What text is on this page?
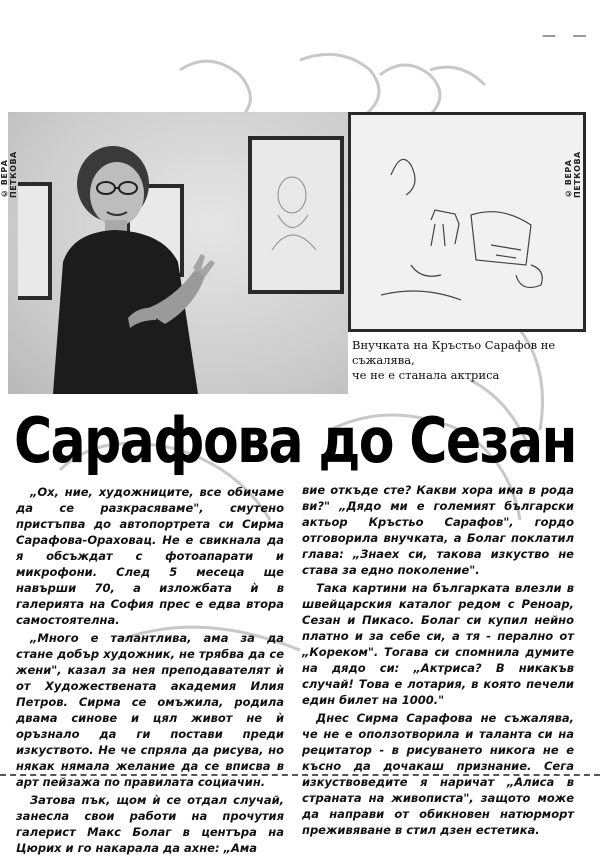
— —
© ВЕРА ПЕТКОВА	© ВЕРА ПЕТКОВА
Внучката на Кръстьо Сарафов не съжалява,
че не е станала актриса
Сарафова до Сезан

„Ох, ние, художниците, все обичаме да се разкрасяваме", смутено пристъпва до автопортрета си Сирма Сарафова-Ораховац. Не е свикнала да я обсъждат с фотоапарати и микрофони. След 5 месеца ще навърши 70, а изложбата ѝ в галерията на София прес е едва втора самостоятелна.

„Много е талантлива, ама за да стане добър художник, не трябва да се жени", казал за нея преподавателят ѝ от Художествената академия Илия Петров. Сирма се омъжила, родила двама синове и цял живот не ѝ оръзнало да ги постави преди изкуството. Не че спряла да рисува, но някак нямала желание да се вписва в арт пейзажа по правилата социачин.

Затова пък, щом ѝ се отдал случай, занесла свои работи на прочутия галерист Макс Болаг в центъра на Цюрих и го накарала да ахне: „Ама

вие откъде сте? Какви хора има в рода ви?" „Дядо ми е големият български актьор Кръстьо Сарафов", гордо отговорила внучката, а Болаг поклатил глава: „Знаех си, такова изкуство не става за едно поколение".

Така картини на българката влезли в швейцарския каталог редом с Реноар, Сезан и Пикасо. Болаг си купил нейно платно и за себе си, а тя - перално от „Кореком". Тогава си спомнила думите на дядо си: „Актриса? В никакъв случай! Това е лотария, в която печели един билет на 1000."

Днес Сирма Сарафова не съжалява, че не е оползотворила и таланта си на рецитатор - в рисуването никога не е късно да дочакаш признание. Сега изкуствоведите я наричат „Алиса в страната на живописта", защото може да направи от обикновен натюрморт преживяване в стил дзен естетика.
